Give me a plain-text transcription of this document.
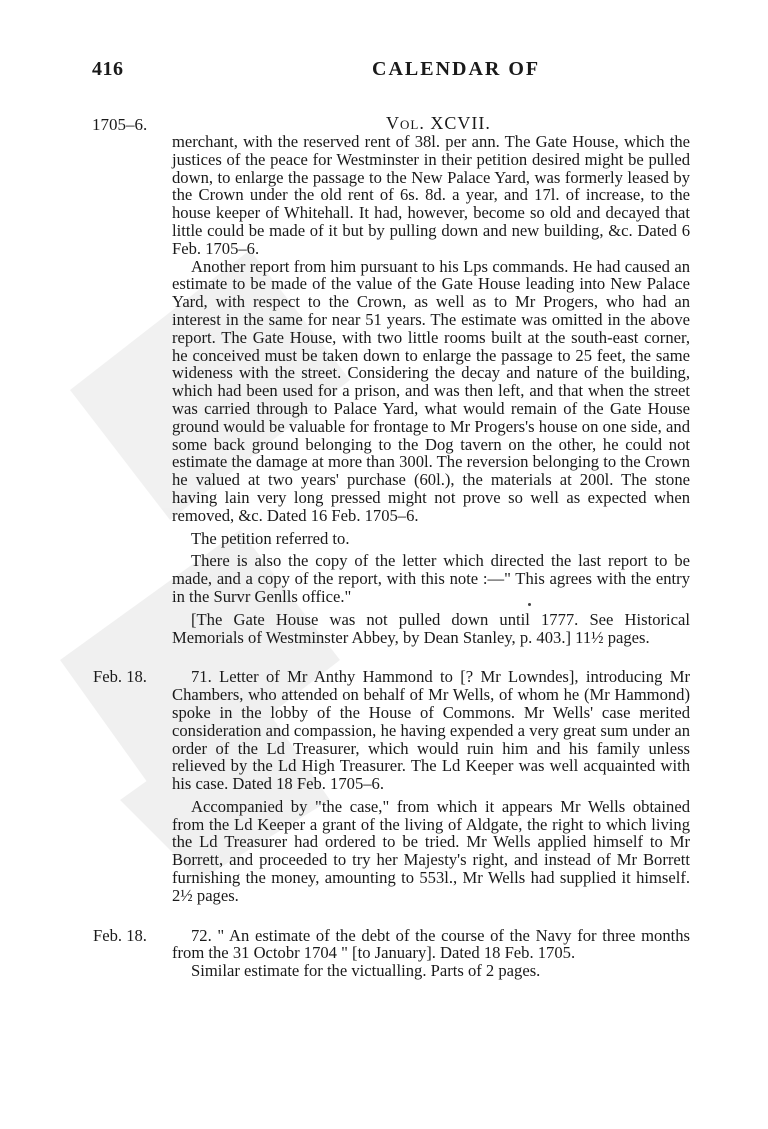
416	CALENDAR OF
1705–6.	Vol. XCVII.

merchant, with the reserved rent of 38l. per ann. The Gate House, which the justices of the peace for Westminster in their petition desired might be pulled down, to enlarge the passage to the New Palace Yard, was formerly leased by the Crown under the old rent of 6s. 8d. a year, and 17l. of increase, to the house keeper of Whitehall. It had, however, become so old and decayed that little could be made of it but by pulling down and new building, &c. Dated 6 Feb. 1705–6.

Another report from him pursuant to his Lps commands. He had caused an estimate to be made of the value of the Gate House leading into New Palace Yard, with respect to the Crown, as well as to Mr Progers, who had an interest in the same for near 51 years. The estimate was omitted in the above report. The Gate House, with two little rooms built at the south-east corner, he conceived must be taken down to enlarge the passage to 25 feet, the same wideness with the street. Considering the decay and nature of the building, which had been used for a prison, and was then left, and that when the street was carried through to Palace Yard, what would remain of the Gate House ground would be valuable for frontage to Mr Progers's house on one side, and some back ground belonging to the Dog tavern on the other, he could not estimate the damage at more than 300l. The reversion belonging to the Crown he valued at two years' purchase (60l.), the materials at 200l. The stone having lain very long pressed might not prove so well as expected when removed, &c. Dated 16 Feb. 1705–6.

The petition referred to.

There is also the copy of the letter which directed the last report to be made, and a copy of the report, with this note :—" This agrees with the entry in the Survr Genlls office."

[The Gate House was not pulled down until 1777. See Historical Memorials of Westminster Abbey, by Dean Stanley, p. 403.] 11½ pages.

Feb. 18.	71. Letter of Mr Anthy Hammond to [? Mr Lowndes], introducing Mr Chambers, who attended on behalf of Mr Wells, of whom he (Mr Hammond) spoke in the lobby of the House of Commons. Mr Wells' case merited consideration and compassion, he having expended a very great sum under an order of the Ld Treasurer, which would ruin him and his family unless relieved by the Ld High Treasurer. The Ld Keeper was well acquainted with his case. Dated 18 Feb. 1705–6.

Accompanied by "the case," from which it appears Mr Wells obtained from the Ld Keeper a grant of the living of Aldgate, the right to which living the Ld Treasurer had ordered to be tried. Mr Wells applied himself to Mr Borrett, and proceeded to try her Majesty's right, and instead of Mr Borrett furnishing the money, amounting to 553l., Mr Wells had supplied it himself. 2½ pages.

Feb. 18.	72. " An estimate of the debt of the course of the Navy for three months from the 31 Octobr 1704 " [to January]. Dated 18 Feb. 1705.

Similar estimate for the victualling. Parts of 2 pages.
